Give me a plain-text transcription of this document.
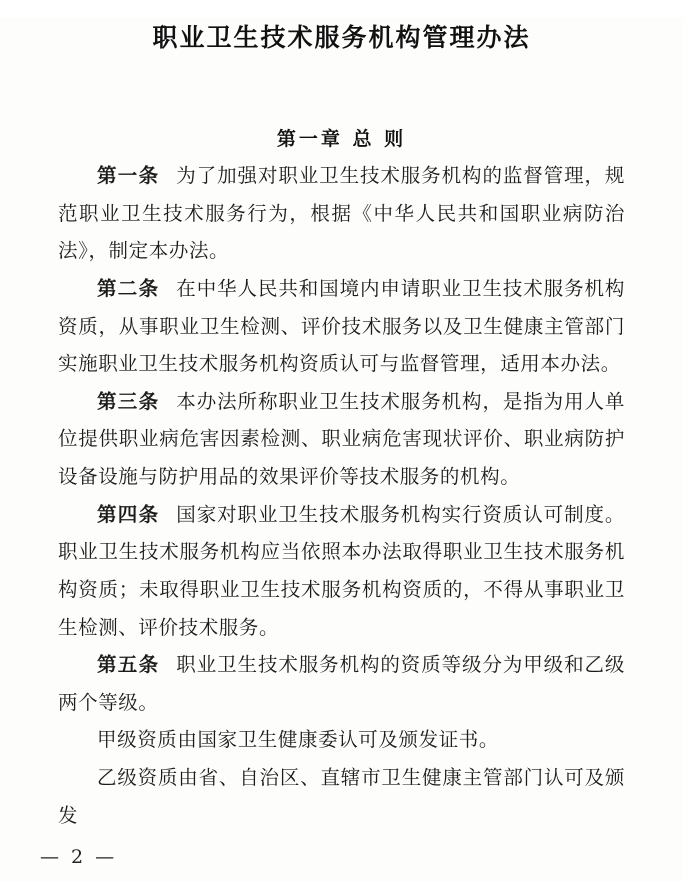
职业卫生技术服务机构管理办法
第一章 总 则

第一条 为了加强对职业卫生技术服务机构的监督管理，规范职业卫生技术服务行为，根据《中华人民共和国职业病防治法》，制定本办法。

第二条 在中华人民共和国境内申请职业卫生技术服务机构资质，从事职业卫生检测、评价技术服务以及卫生健康主管部门实施职业卫生技术服务机构资质认可与监督管理，适用本办法。

第三条 本办法所称职业卫生技术服务机构，是指为用人单位提供职业病危害因素检测、职业病危害现状评价、职业病防护设备设施与防护用品的效果评价等技术服务的机构。

第四条 国家对职业卫生技术服务机构实行资质认可制度。职业卫生技术服务机构应当依照本办法取得职业卫生技术服务机构资质；未取得职业卫生技术服务机构资质的，不得从事职业卫生检测、评价技术服务。

第五条 职业卫生技术服务机构的资质等级分为甲级和乙级两个等级。

甲级资质由国家卫生健康委认可及颁发证书。

乙级资质由省、自治区、直辖市卫生健康主管部门认可及颁发

— 2 —
